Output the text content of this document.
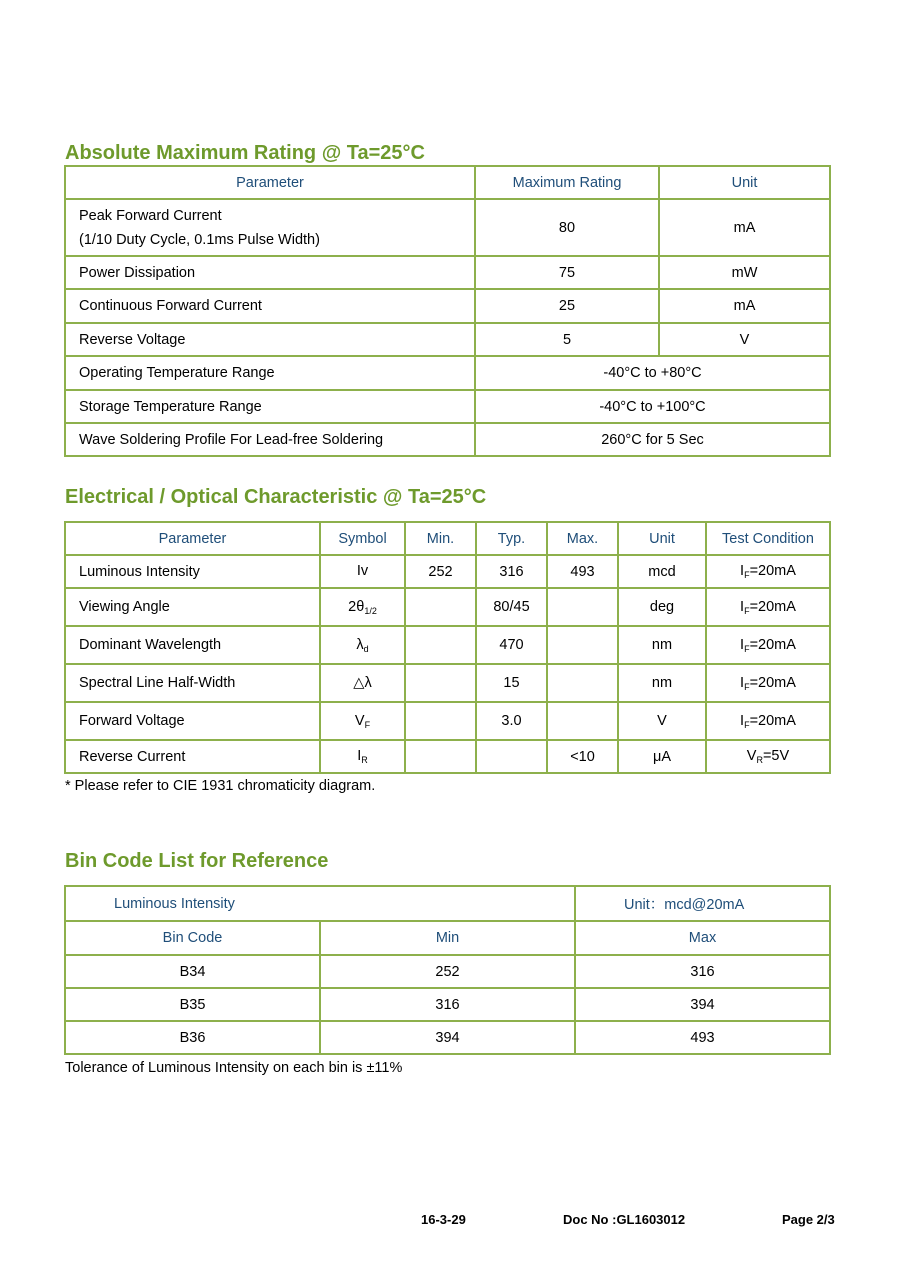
Absolute Maximum Rating @ Ta=25°C
Parameter	Maximum Rating	Unit
Peak Forward Current
(1/10 Duty Cycle, 0.1ms Pulse Width)	80	mA
Power Dissipation	75	mW
Continuous Forward Current	25	mA
Reverse Voltage	5	V
Operating Temperature Range	-40°C to +80°C	
Storage Temperature Range	-40°C to +100°C	
Wave Soldering Profile For Lead-free Soldering	260°C for 5 Sec	
Electrical / Optical Characteristic @ Ta=25°C
Parameter	Symbol	Min.	Typ.	Max.	Unit	Test Condition
Luminous Intensity	Iv	252	316	493	mcd	$I_F=20mA$
Viewing Angle	$2\theta_{1/2}$		80/45		deg	$I_F=20mA$
Dominant Wavelength	$\lambda_d$		470		nm	$I_F=20mA$
Spectral Line Half-Width	△λ		15		nm	$I_F=20mA$
Forward Voltage	$V_F$		3.0		V	$I_F=20mA$
Reverse Current	$I_R$			<10	μA	$V_R=5V$

* Please refer to CIE 1931 chromaticity diagram.

Bin Code List for Reference
Luminous Intensity		Unit：mcd@20mA
Bin Code	Min	Max
B34	252	316
B35	316	394
B36	394	493

Tolerance of Luminous Intensity on each bin is ±11%

16-3-29	Doc No :GL1603012	Page 2/3
